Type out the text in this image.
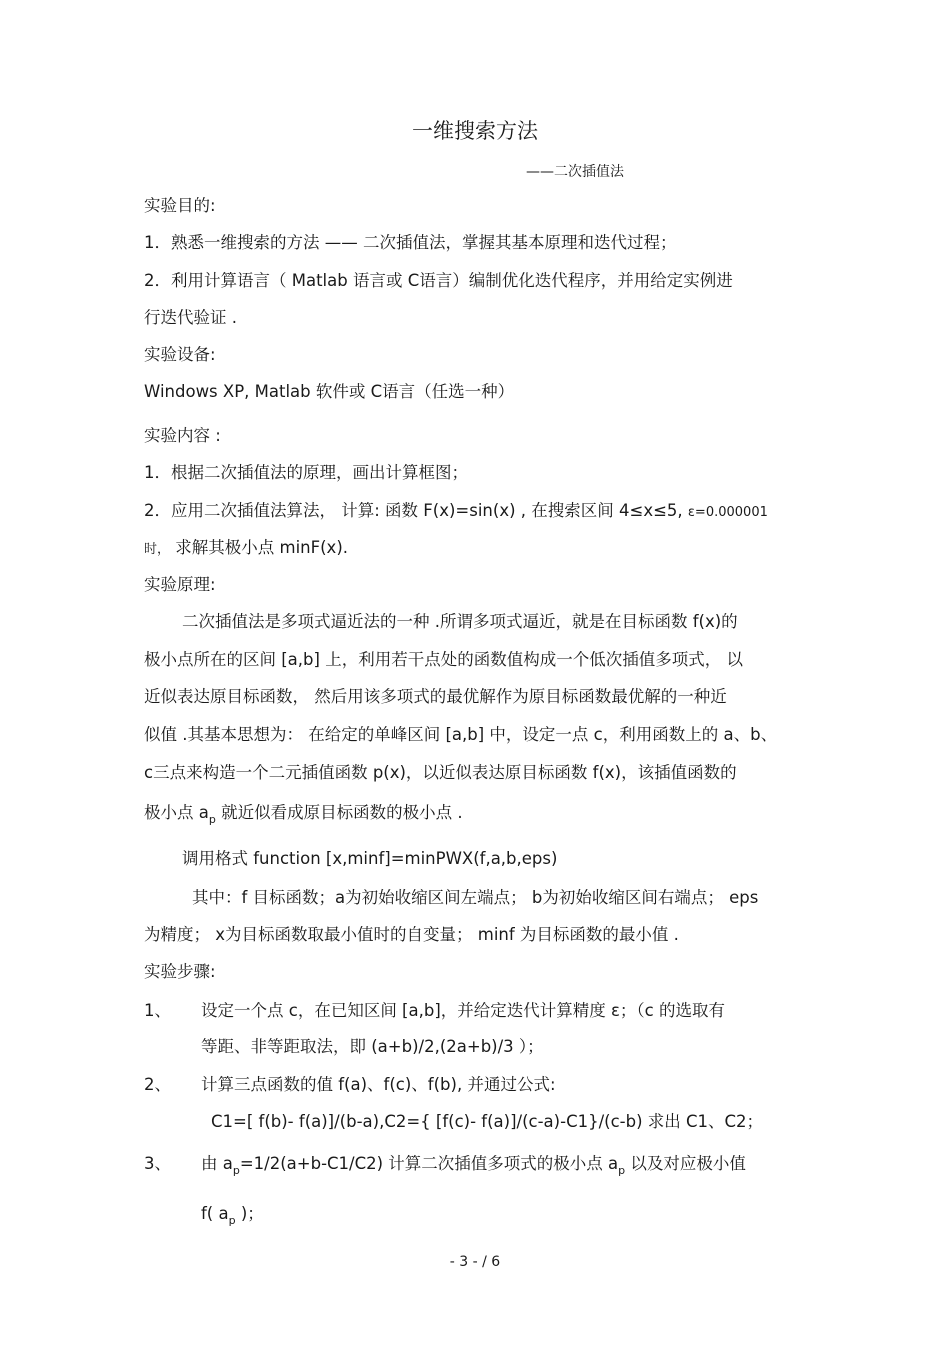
一维搜索方法

——二次插值法

实验目的:

1．熟悉一维搜索的方法 —— 二次插值法，掌握其基本原理和迭代过程；

2．利用计算语言（ Matlab 语言或 C语言）编制优化迭代程序，并用给定实例进

行迭代验证 .

实验设备:

Windows XP, Matlab 软件或 C语言（任选一种）

实验内容 :

1．根据二次插值法的原理，画出计算框图；

2．应用二次插值法算法， 计算: 函数 F(x)=sin(x) , 在搜索区间 4≤x≤5, ε=0.000001

时， 求解其极小点 minF(x).

实验原理:

二次插值法是多项式逼近法的一种 .所谓多项式逼近，就是在目标函数 f(x)的

极小点所在的区间 [a,b] 上，利用若干点处的函数值构成一个低次插值多项式， 以

近似表达原目标函数， 然后用该多项式的最优解作为原目标函数最优解的一种近

似值 .其基本思想为： 在给定的单峰区间 [a,b] 中，设定一点 c，利用函数上的 a、b、

c三点来构造一个二元插值函数 p(x)，以近似表达原目标函数 f(x)，该插值函数的

极小点 $a_p$ 就近似看成原目标函数的极小点 .

调用格式 function [x,minf]=minPWX(f,a,b,eps)

其中：f 目标函数；a为初始收缩区间左端点； b为初始收缩区间右端点； eps

为精度； x为目标函数取最小值时的自变量； minf 为目标函数的最小值 .

实验步骤:

1、 设定一个点 c，在已知区间 [a,b]，并给定迭代计算精度 ε；（c 的选取有

等距、非等距取法，即 (a+b)/2,(2a+b)/3 ）；

2、 计算三点函数的值 f(a)、f(c)、f(b), 并通过公式:

C1=[ f(b)- f(a)]/(b-a),C2={ [f(c)- f(a)]/(c-a)-C1}/(c-b) 求出 C1、C2；

3、 由 $a_p=1/2(a+b-C1/C2)$ 计算二次插值多项式的极小点 $a_p$ 以及对应极小值

f( $a_p$ )；

- 3 - / 6
